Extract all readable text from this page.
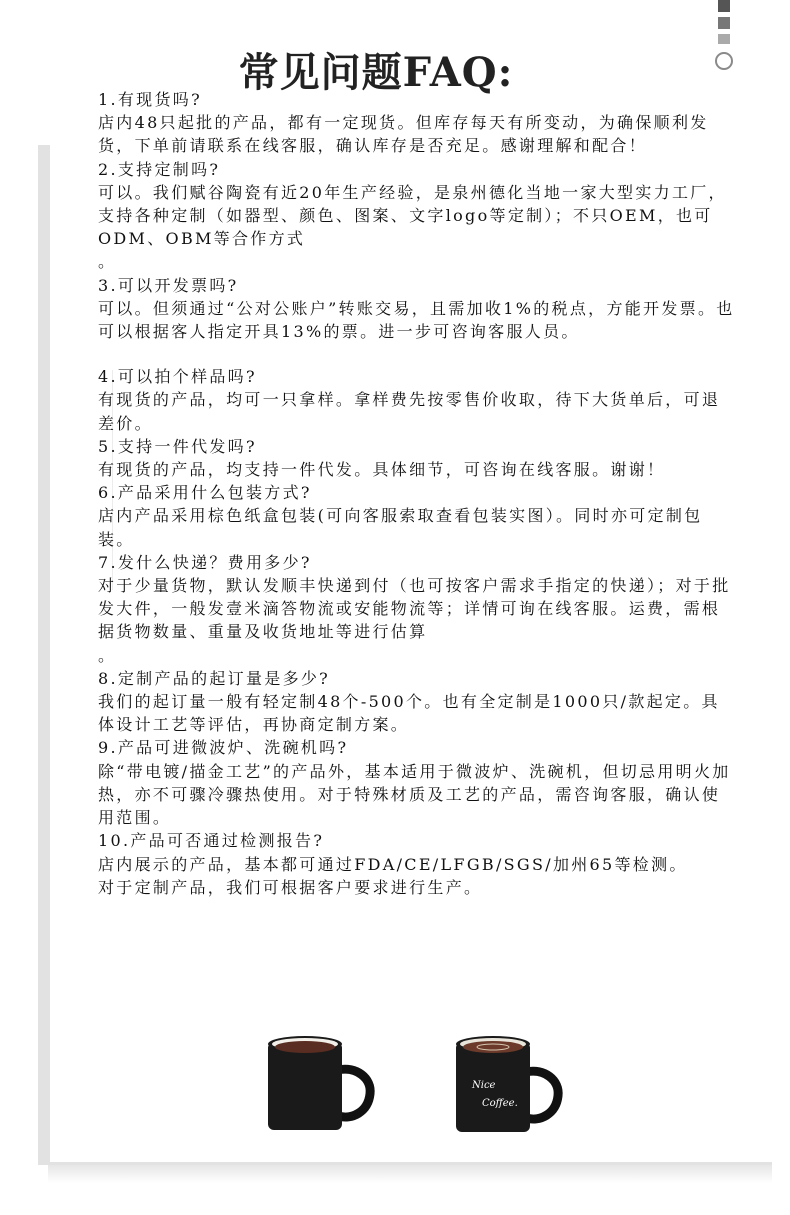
常见问题FAQ:

1.有现货吗?

店内48只起批的产品，都有一定现货。但库存每天有所变动，为确保顺利发货，下单前请联系在线客服，确认库存是否充足。感谢理解和配合！

2.支持定制吗?

可以。我们赋谷陶瓷有近20年生产经验，是泉州德化当地一家大型实力工厂，支持各种定制（如器型、颜色、图案、文字logo等定制）；不只OEM，也可ODM、OBM等合作方式

。

3.可以开发票吗?

可以。但须通过“公对公账户”转账交易，且需加收1%的税点，方能开发票。也可以根据客人指定开具13%的票。进一步可咨询客服人员。

4.可以拍个样品吗?

有现货的产品，均可一只拿样。拿样费先按零售价收取，待下大货单后，可退差价。

5.支持一件代发吗?

有现货的产品，均支持一件代发。具体细节，可咨询在线客服。谢谢！

6.产品采用什么包装方式?

店内产品采用棕色纸盒包装(可向客服索取查看包装实图）。同时亦可定制包装。

7.发什么快递？费用多少?

对于少量货物，默认发顺丰快递到付（也可按客户需求手指定的快递）；对于批发大件，一般发壹米滴答物流或安能物流等；详情可询在线客服。运费，需根据货物数量、重量及收货地址等进行估算

。

8.定制产品的起订量是多少?

我们的起订量一般有轻定制48个-500个。也有全定制是1000只/款起定。具体设计工艺等评估，再协商定制方案。

9.产品可进微波炉、洗碗机吗?

除“带电镀/描金工艺”的产品外，基本适用于微波炉、洗碗机，但切忌用明火加热，亦不可骤冷骤热使用。对于特殊材质及工艺的产品，需咨询客服，确认使用范围。

10.产品可否通过检测报告?

店内展示的产品，基本都可通过FDA/CE/LFGB/SGS/加州65等检测。

对于定制产品，我们可根据客户要求进行生产。

Nice
Coffee.
